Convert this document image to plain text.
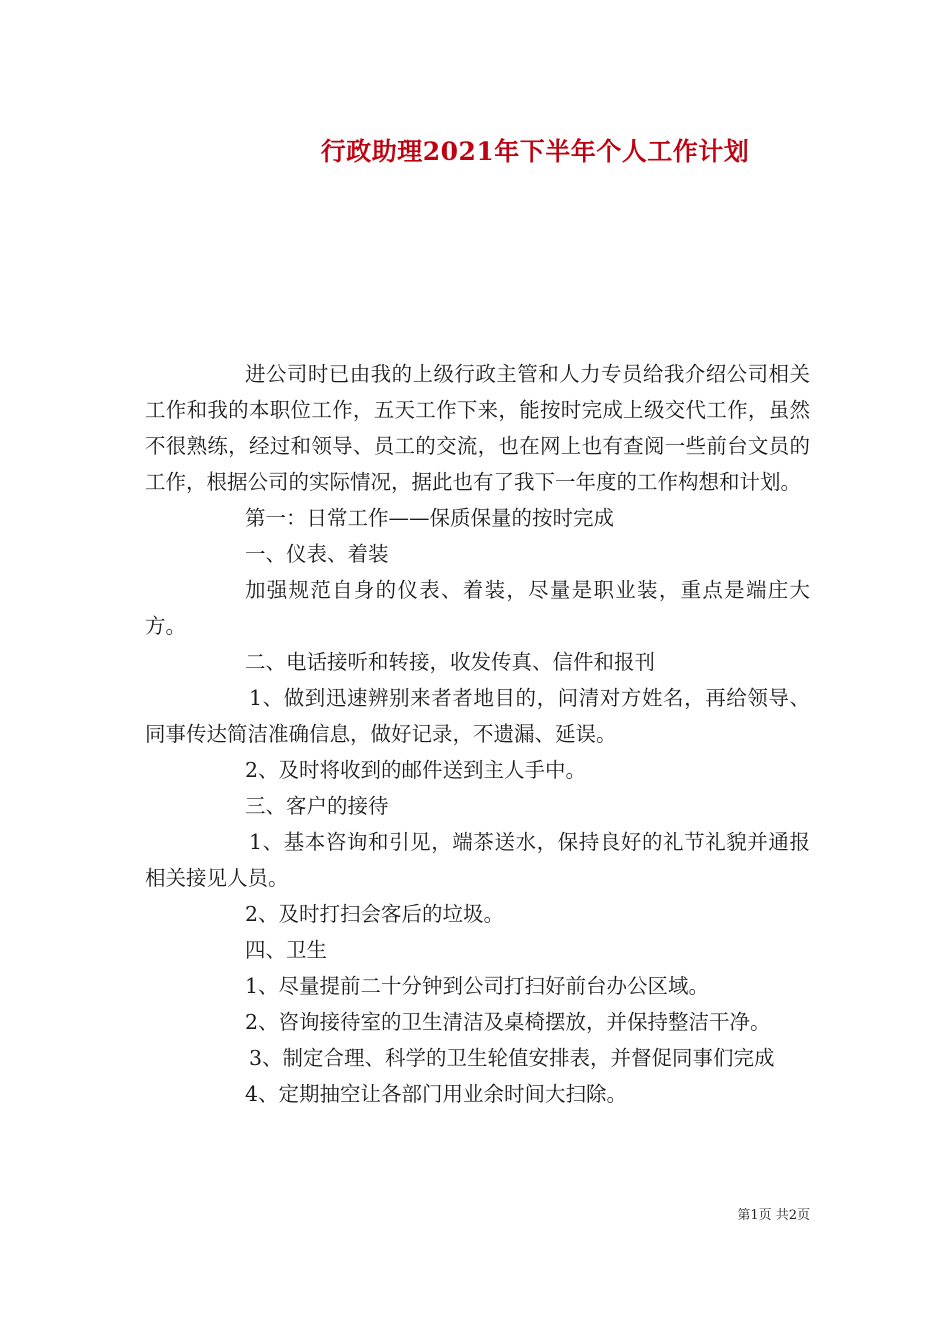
行政助理2021年下半年个人工作计划

进公司时已由我的上级行政主管和人力专员给我介绍公司相关工作和我的本职位工作，五天工作下来，能按时完成上级交代工作，虽然不很熟练，经过和领导、员工的交流，也在网上也有查阅一些前台文员的工作，根据公司的实际情况，据此也有了我下一年度的工作构想和计划。

第一：日常工作——保质保量的按时完成

一、仪表、着装

加强规范自身的仪表、着装，尽量是职业装，重点是端庄大方。

二、电话接听和转接，收发传真、信件和报刊

1、做到迅速辨别来者者地目的，问清对方姓名，再给领导、同事传达简洁准确信息，做好记录，不遗漏、延误。

2、及时将收到的邮件送到主人手中。

三、客户的接待

1、基本咨询和引见，端茶送水，保持良好的礼节礼貌并通报相关接见人员。

2、及时打扫会客后的垃圾。

四、卫生

1、尽量提前二十分钟到公司打扫好前台办公区域。

2、咨询接待室的卫生清洁及桌椅摆放，并保持整洁干净。

3、制定合理、科学的卫生轮值安排表，并督促同事们完成

4、定期抽空让各部门用业余时间大扫除。

第1页 共2页
